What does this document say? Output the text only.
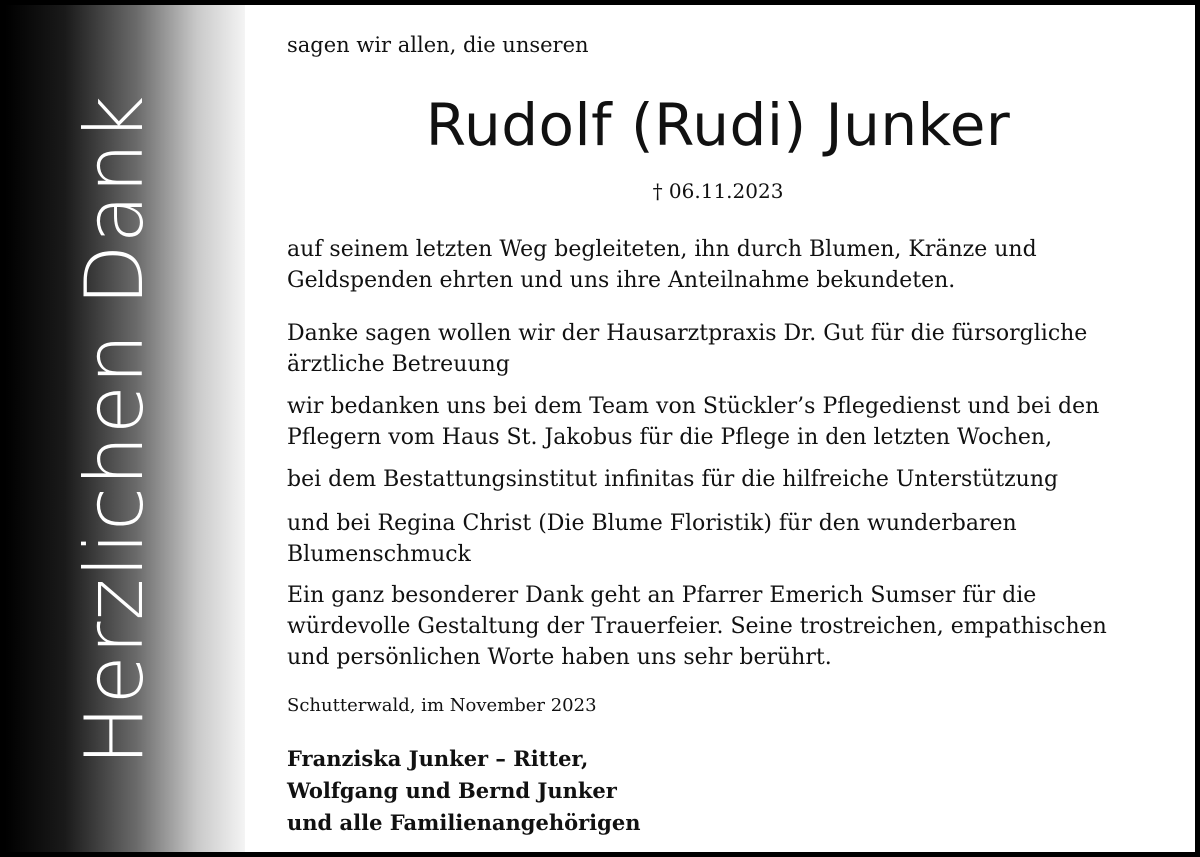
Herzlichen Dank
sagen wir allen, die unseren
Rudolf (Rudi) Junker
† 06.11.2023
auf seinem letzten Weg begleiteten, ihn durch Blumen, Kränze und
Geldspenden ehrten und uns ihre Anteilnahme bekundeten.
Danke sagen wollen wir der Hausarztpraxis Dr. Gut für die fürsorgliche
ärztliche Betreuung
wir bedanken uns bei dem Team von Stückler’s Pflegedienst und bei den
Pflegern vom Haus St. Jakobus für die Pflege in den letzten Wochen,
bei dem Bestattungsinstitut infinitas für die hilfreiche Unterstützung
und bei Regina Christ (Die Blume Floristik) für den wunderbaren
Blumenschmuck
Ein ganz besonderer Dank geht an Pfarrer Emerich Sumser für die
würdevolle Gestaltung der Trauerfeier. Seine trostreichen, empathischen
und persönlichen Worte haben uns sehr berührt.
Schutterwald, im November 2023
Franziska Junker – Ritter,
Wolfgang und Bernd Junker
und alle Familienangehörigen
